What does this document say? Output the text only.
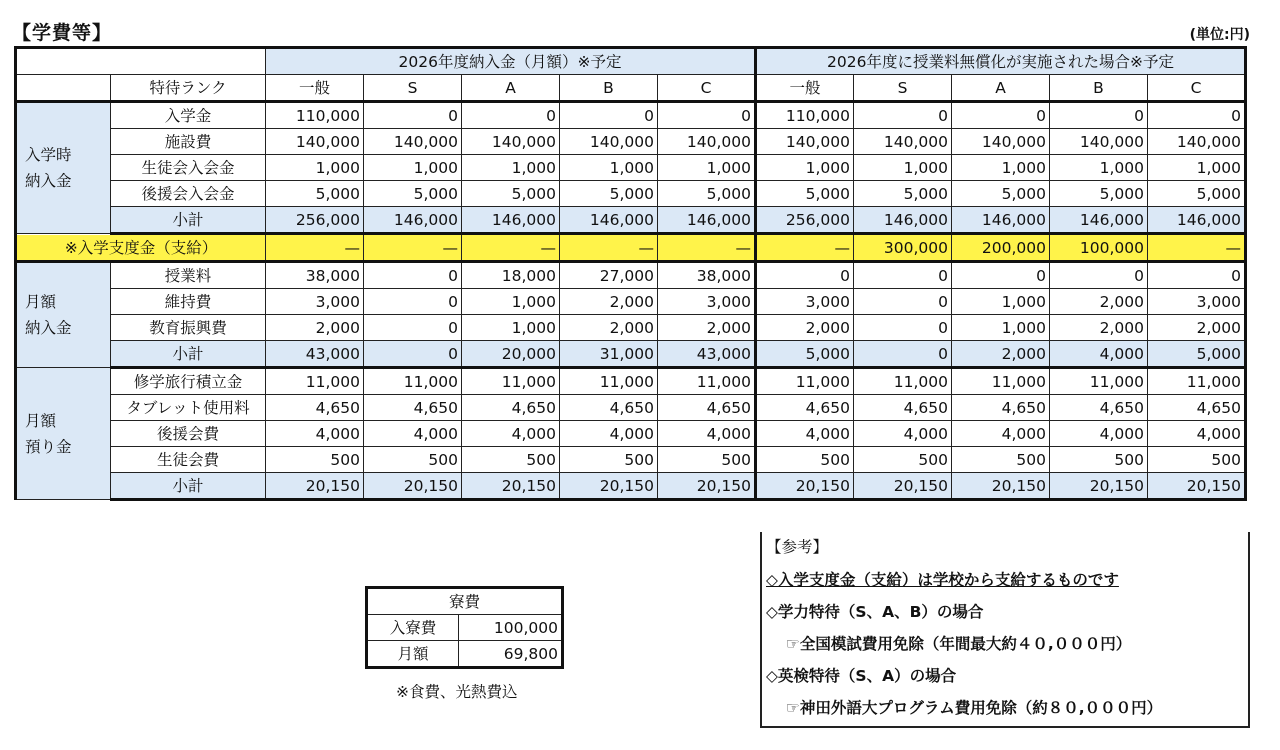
【学費等】	(単位:円)
		2026年度納入金（月額）※予定					2026年度に授業料無償化が実施された場合※予定				
	特待ランク	一般	S	A	B	C	一般	S	A	B	C
入学時
納入金	入学金	110,000	0	0	0	0	110,000	0	0	0	0
	施設費	140,000	140,000	140,000	140,000	140,000	140,000	140,000	140,000	140,000	140,000
	生徒会入会金	1,000	1,000	1,000	1,000	1,000	1,000	1,000	1,000	1,000	1,000
	後援会入会金	5,000	5,000	5,000	5,000	5,000	5,000	5,000	5,000	5,000	5,000
	小計	256,000	146,000	146,000	146,000	146,000	256,000	146,000	146,000	146,000	146,000
※入学支度金（支給）		—	—	—	—	—	—	300,000	200,000	100,000	—
月額
納入金	授業料	38,000	0	18,000	27,000	38,000	0	0	0	0	0
	維持費	3,000	0	1,000	2,000	3,000	3,000	0	1,000	2,000	3,000
	教育振興費	2,000	0	1,000	2,000	2,000	2,000	0	1,000	2,000	2,000
	小計	43,000	0	20,000	31,000	43,000	5,000	0	2,000	4,000	5,000
月額
預り金	修学旅行積立金	11,000	11,000	11,000	11,000	11,000	11,000	11,000	11,000	11,000	11,000
	タブレット使用料	4,650	4,650	4,650	4,650	4,650	4,650	4,650	4,650	4,650	4,650
	後援会費	4,000	4,000	4,000	4,000	4,000	4,000	4,000	4,000	4,000	4,000
	生徒会費	500	500	500	500	500	500	500	500	500	500
	小計	20,150	20,150	20,150	20,150	20,150	20,150	20,150	20,150	20,150	20,150
【参考】
◇入学支度金（支給）は学校から支給するものです
◇学力特待（S、A、B）の場合
☞全国模試費用免除（年間最大約４０,０００円）
◇英検特待（S、A）の場合
☞神田外語大プログラム費用免除（約８０,０００円）
寮費	
入寮費	100,000
月額	69,800
※食費、光熱費込
